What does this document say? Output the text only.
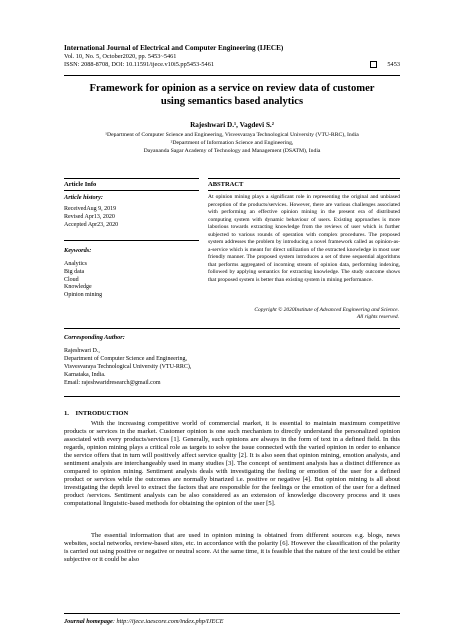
International Journal of Electrical and Computer Engineering (IJECE)
Vol. 10, No. 5, October2020, pp. 5453~5461
ISSN: 2088-8708, DOI: 10.11591/ijece.v10i5.pp5453-5461	5453
Framework for opinion as a service on review data of customer
using semantics based analytics
Rajeshwari D.¹, Vagdevi S.²
¹Department of Computer Science and Engineering, Visvesvaraya Technological University (VTU-RRC), India
²Department of Information Science and Engineering,
Dayananda Sagar Academy of Technology and Management (DSATM), India
Article Info	ABSTRACT
Article history:
ReceivedAug 9, 2019
Revised Apr13, 2020
Accepted Apr23, 2020
Keywords:
Analytics
Big data
Cloud
Knowledge
Opinion mining
At opinion mining plays a significant role in representing the original and unbiased perception of the products/services. However, there are various challenges associated with performing an effective opinion mining in the present era of distributed computing system with dynamic behaviour of users. Existing approaches is more laborious towards extracting knowledge from the reviews of user which is further subjected to various rounds of operation with complex procedures. The proposed system addresses the problem by introducing a novel framework called as opinion-as-a-service which is meant for direct utilization of the extracted knowledge in most user friendly manner. The proposed system introduces a set of three sequential algorithms that performs aggregated of incoming stream of opinion data, performing indexing, followed by applying semantics for extracting knowledge. The study outcome shows that proposed system is better than existing system in mining performance.
Copyright © 2020Institute of Advanced Engineering and Science.
All rights reserved.
Corresponding Author:
Rajeshwari D.,
Department of Computer Science and Engineering,
Visvesvaraya Technological University (VTU-RRC),
Karnataka, India.
Email: rajeshwaridresearch@gmail.com
1.    INTRODUCTION
With the increasing competitive world of commercial market, it is essential to maintain maximum competitive products or services in the market. Customer opinion is one such mechanism to directly understand the personalized opinion associated with every products/services [1]. Generally, such opinions are always in the form of text in a defined field. In this regards, opinion mining plays a critical role as targets to solve the issue connected with the varied opinion in order to enhance the service offers that in turn will positively affect service quality [2]. It is also seen that opinion mining, emotion analysis, and sentiment analysis are interchangeably used in many studies [3]. The concept of sentiment analysis has a distinct difference as compared to opinion mining. Sentiment analysis deals with investigating the feeling or emotion of the user for a defined product or services while the outcomes are normally binarized i.e. positive or negative [4]. But opinion mining is all about investigating the depth level to extract the factors that are responsible for the feelings or the emotion of the user for a defined product /services. Sentiment analysis can be also considered as an extension of knowledge discovery process and it uses computational linguistic-based methods for obtaining the opinion of the user [5].
The essential information that are used in opinion mining is obtained from different sources e.g. blogs, news websites, social networks, review-based sites, etc. in accordance with the polarity [6]. However the classification of the polarity is carried out using positive or negative or neutral score. At the same time, it is feasible that the nature of the text could be either subjective or it could be also
Journal homepage: http://ijece.iaescore.com/index.php/IJECE
